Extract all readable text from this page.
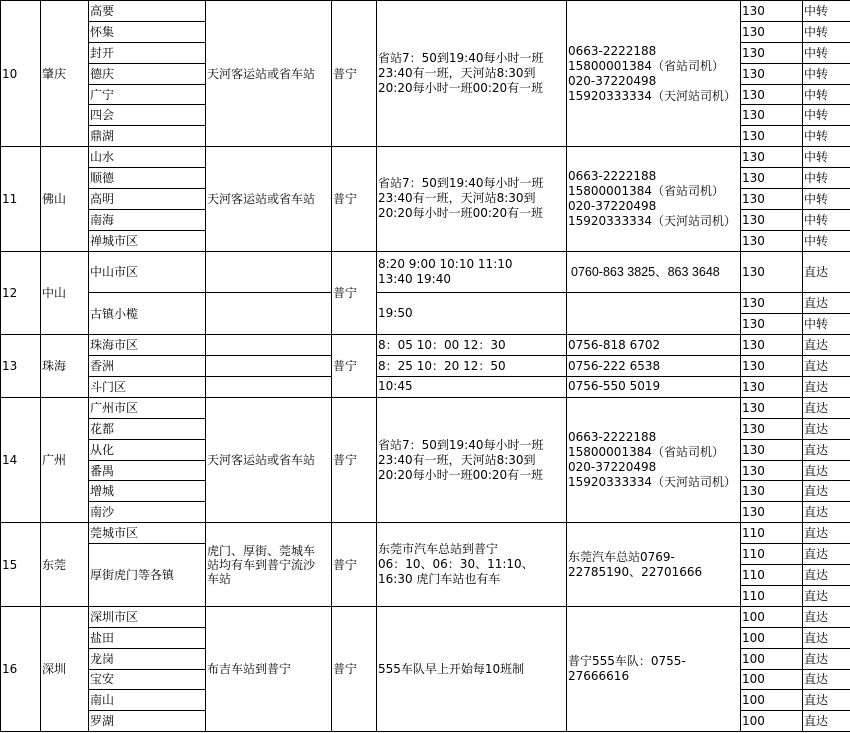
10	肇庆	高要	天河客运站或省车站	普宁	省站7：50到19:40每小时一班
23:40有一班，天河站8:30到
20:20每小时一班00:20有一班	0663-2222188
15800001384（省站司机）
020-37220498
15920333334（天河站司机）	130	中转
		怀集					130	中转
		封开					130	中转
		德庆					130	中转
		广宁					130	中转
		四会					130	中转
		鼎湖					130	中转
11	佛山	山水	天河客运站或省车站	普宁	省站7：50到19:40每小时一班
23:40有一班，天河站8:30到
20:20每小时一班00:20有一班	0663-2222188
15800001384（省站司机）
020-37220498
15920333334（天河站司机）	130	中转
		顺德					130	中转
		高明					130	中转
		南海					130	中转
		禅城市区					130	中转
12	中山	中山市区		普宁	8:20 9:00 10:10 11:10
13:40 19:40	0760-863 3825、863 3648	130	直达

		古镇小榄			19:50		130	直达
							130	中转
13	珠海	珠海市区		普宁	8：05 10：00 12：30	0756-818 6702	130	直达
		香洲			8：25 10：20 12：50	0756-222 6538	130	直达
		斗门区			10:45	0756-550 5019	130	直达
14	广州	广州市区	天河客运站或省车站	普宁	省站7：50到19:40每小时一班
23:40有一班，天河站8:30到
20:20每小时一班00:20有一班	0663-2222188
15800001384（省站司机）
020-37220498
15920333334（天河站司机）	130	直达
		花都					130	直达
		从化					130	直达
		番禺					130	直达
		增城					130	直达
		南沙					130	直达
15	东莞	莞城市区	虎门、厚街、莞城车
站均有车到普宁流沙
车站	普宁	东莞市汽车总站到普宁
06：10、06：30、11:10、
16:30 虎门车站也有车	东莞汽车总站0769-
22785190、22701666	110	直达
		厚街虎门等各镇					110	直达
							110	直达
							110	直达
16	深圳	深圳市区	布吉车站到普宁	普宁	555车队早上开始每10班制	普宁555车队：0755-
27666616	100	直达
		盐田					100	直达
		龙岗					100	直达
		宝安					100	直达
		南山					100	直达
		罗湖					100	直达
